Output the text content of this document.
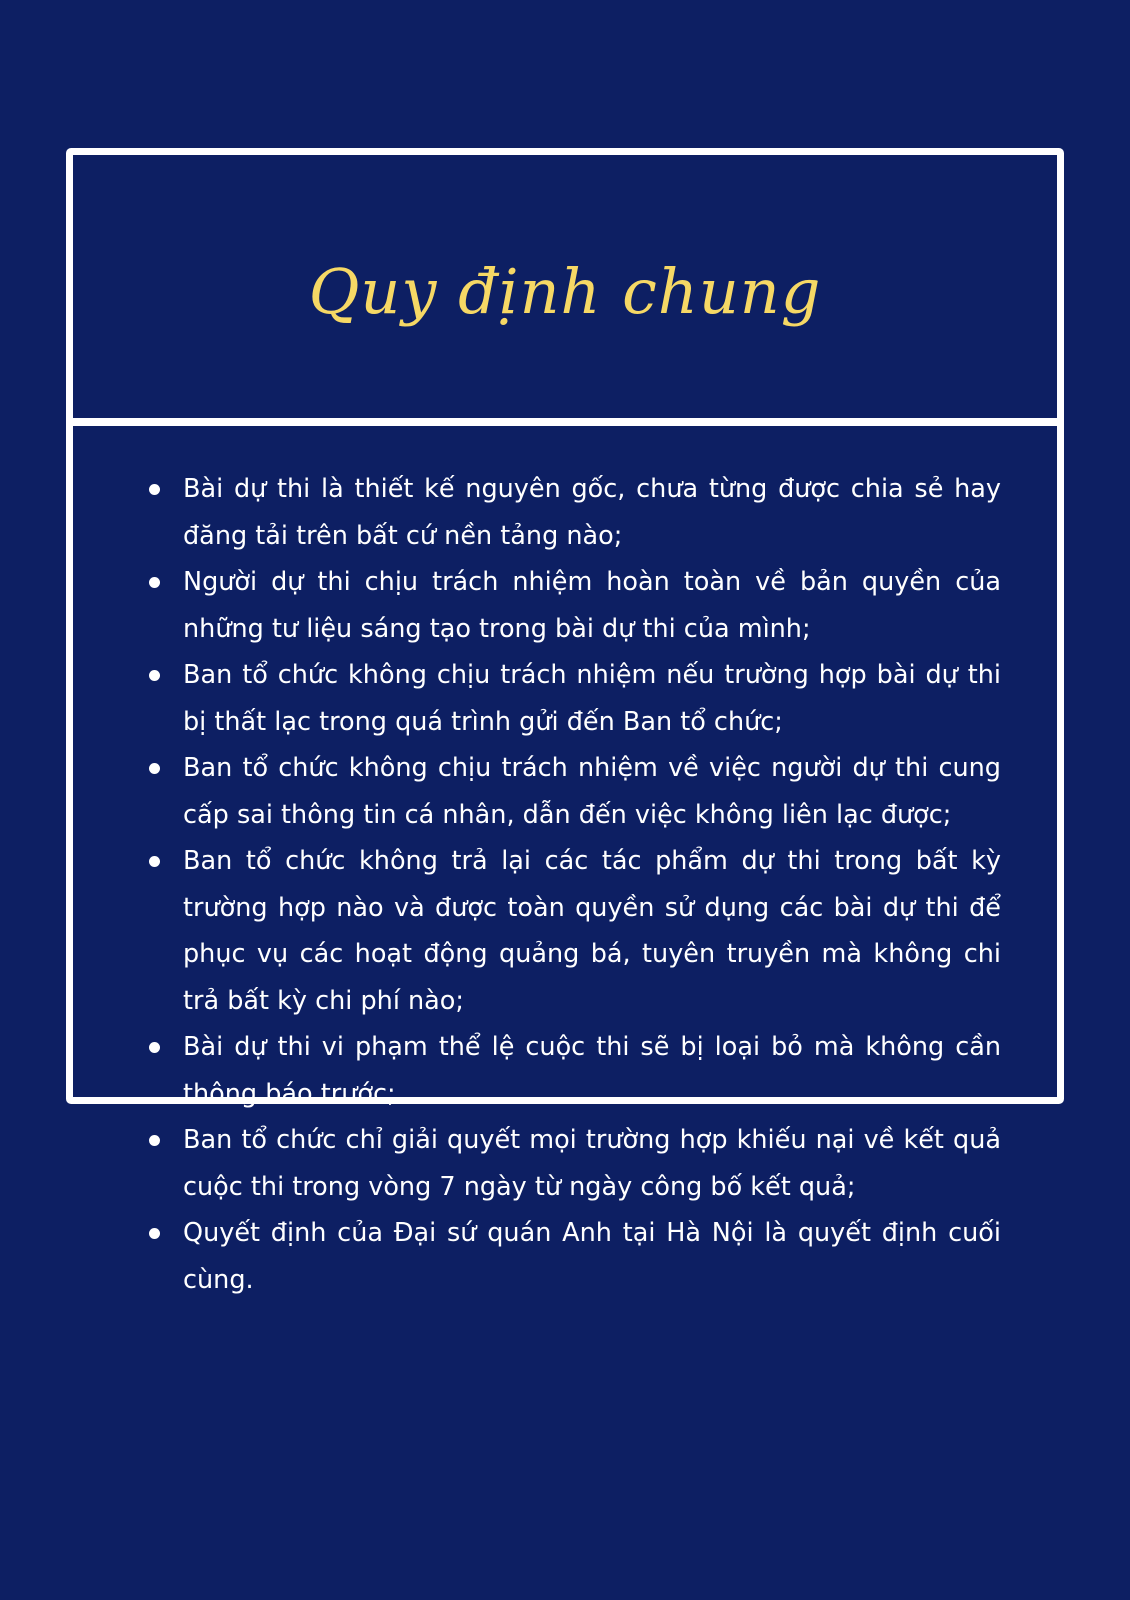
Quy định chung
Bài dự thi là thiết kế nguyên gốc, chưa từng được chia sẻ hay đăng tải trên bất cứ nền tảng nào;
Người dự thi chịu trách nhiệm hoàn toàn về bản quyền của những tư liệu sáng tạo trong bài dự thi của mình;
Ban tổ chức không chịu trách nhiệm nếu trường hợp bài dự thi bị thất lạc trong quá trình gửi đến Ban tổ chức;
Ban tổ chức không chịu trách nhiệm về việc người dự thi cung cấp sai thông tin cá nhân, dẫn đến việc không liên lạc được;
Ban tổ chức không trả lại các tác phẩm dự thi trong bất kỳ trường hợp nào và được toàn quyền sử dụng các bài dự thi để phục vụ các hoạt động quảng bá, tuyên truyền mà không chi trả bất kỳ chi phí nào;
Bài dự thi vi phạm thể lệ cuộc thi sẽ bị loại bỏ mà không cần thông báo trước;
Ban tổ chức chỉ giải quyết mọi trường hợp khiếu nại về kết quả cuộc thi trong vòng 7 ngày từ ngày công bố kết quả;
Quyết định của Đại sứ quán Anh tại Hà Nội là quyết định cuối cùng.
